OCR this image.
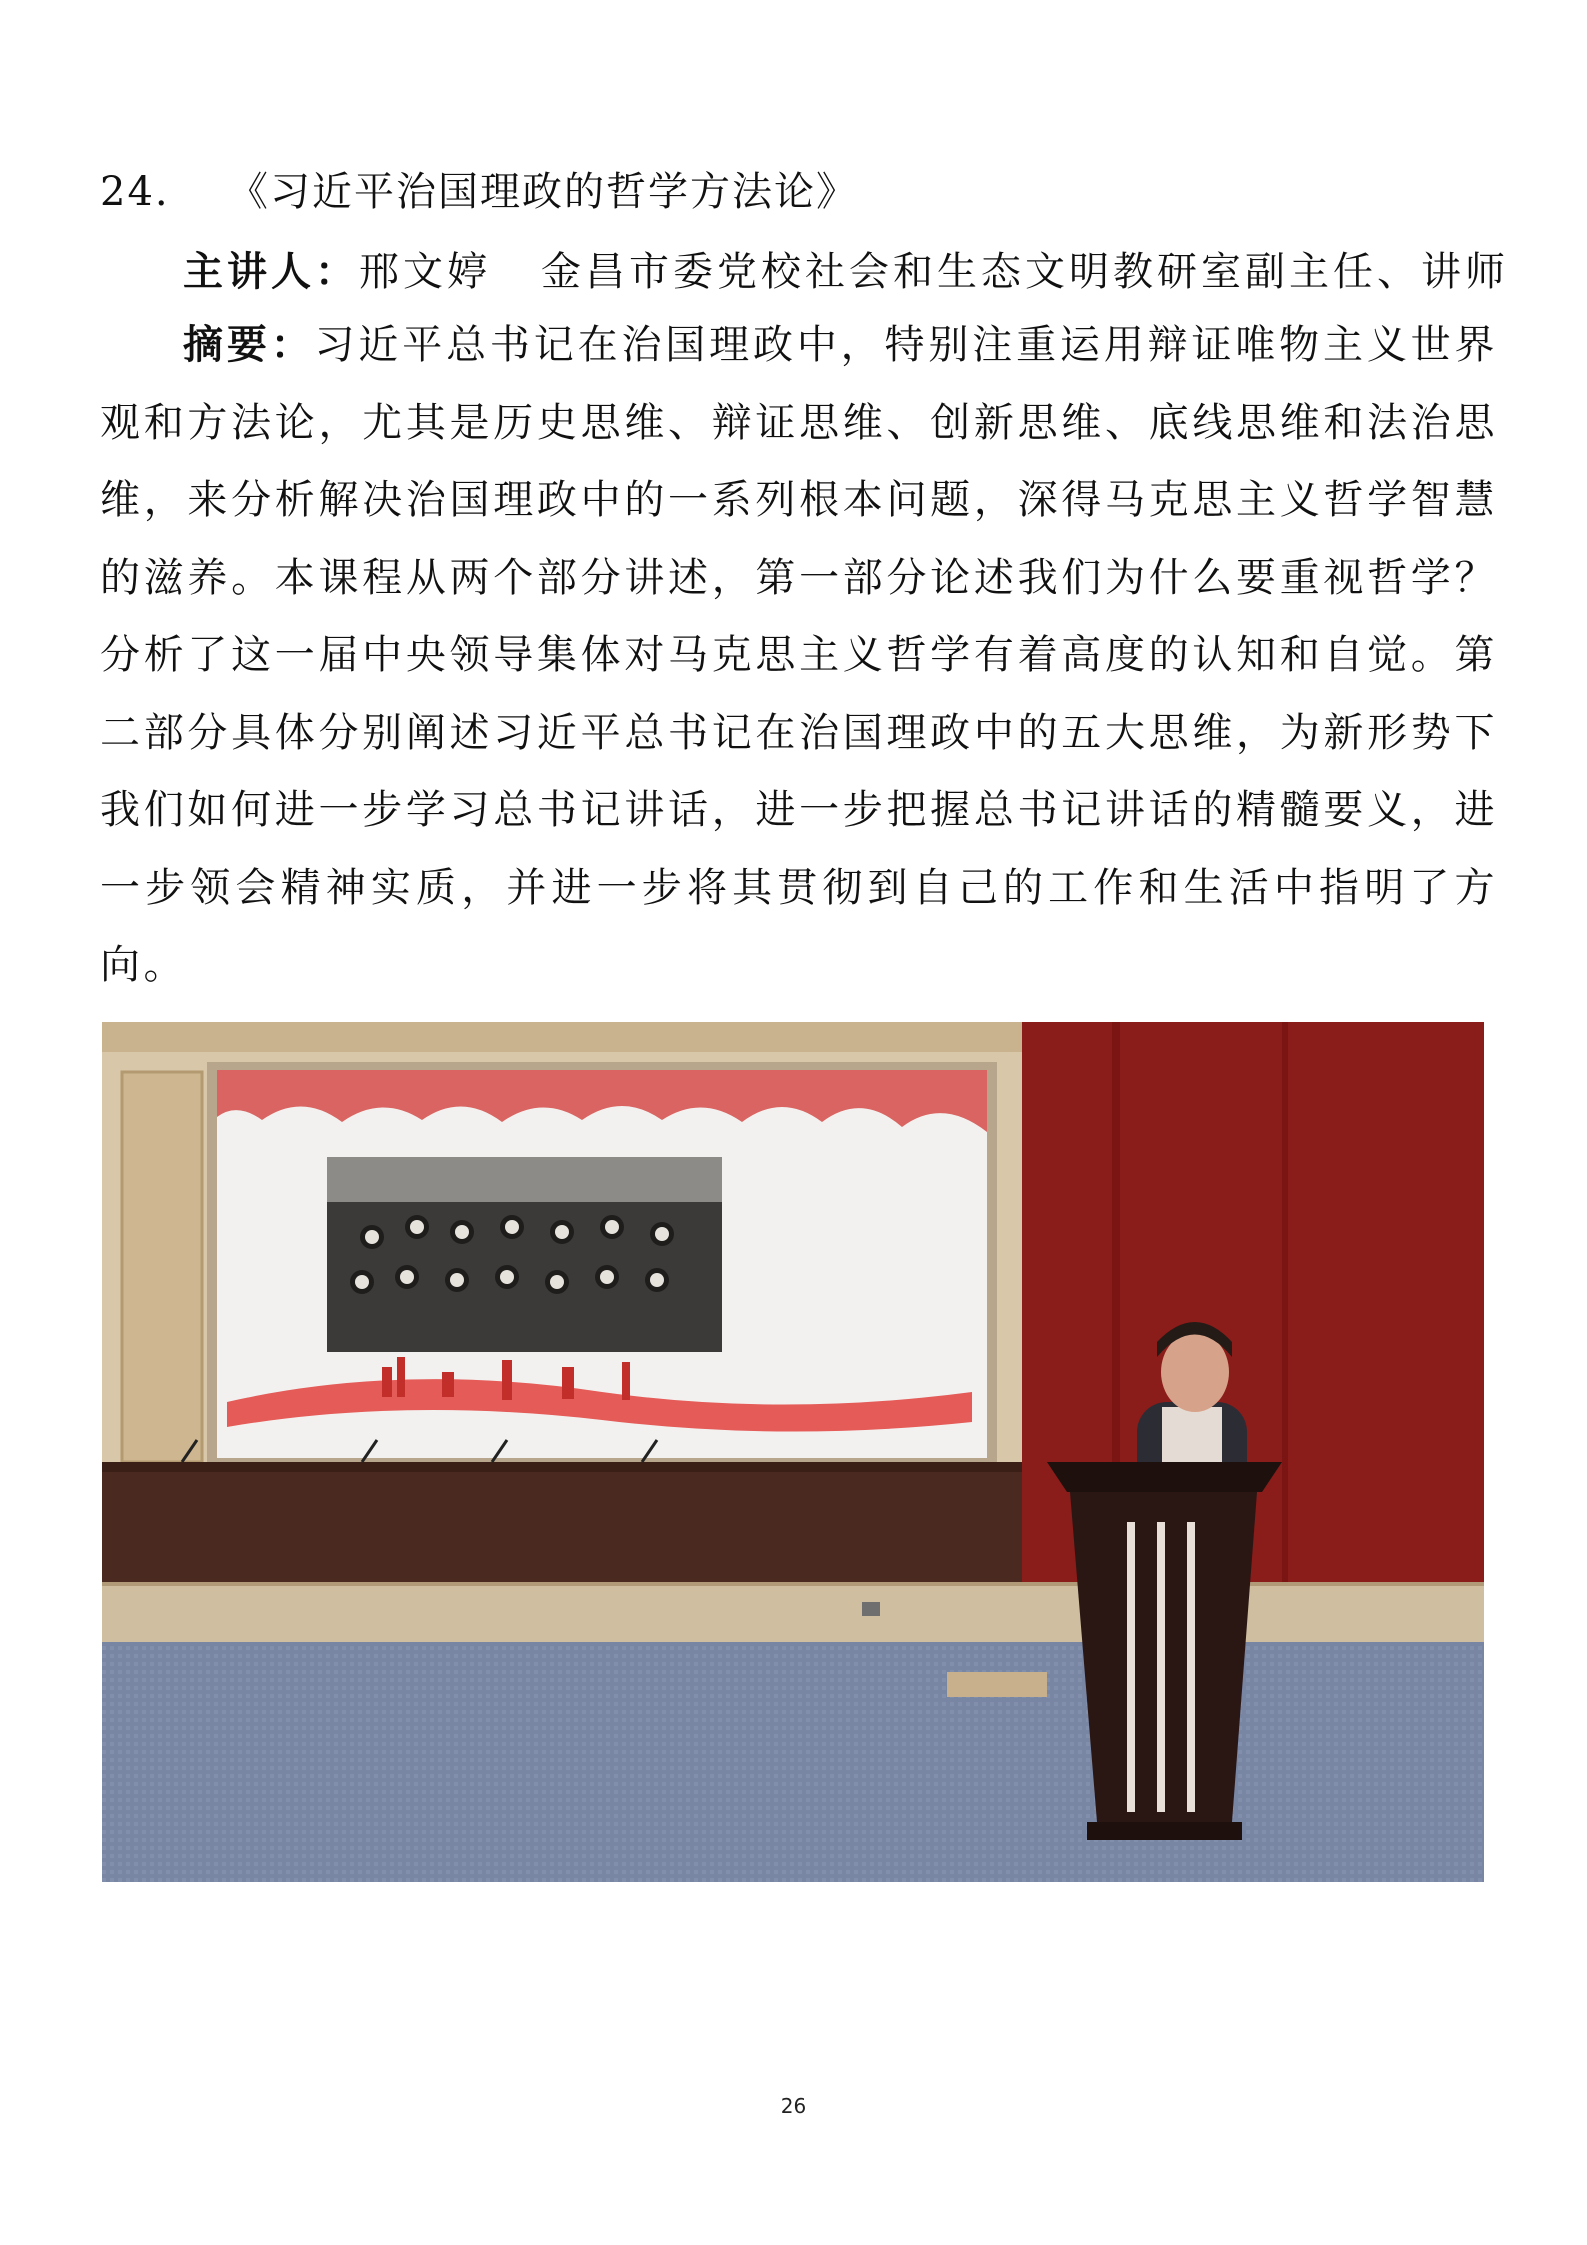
24. 《习近平治国理政的哲学方法论》
主讲人：邢文婷 金昌市委党校社会和生态文明教研室副主任、讲师
摘要：习近平总书记在治国理政中，特别注重运用辩证唯物主义世界观和方法论，尤其是历史思维、辩证思维、创新思维、底线思维和法治思维，来分析解决治国理政中的一系列根本问题，深得马克思主义哲学智慧的滋养。本课程从两个部分讲述，第一部分论述我们为什么要重视哲学？分析了这一届中央领导集体对马克思主义哲学有着高度的认知和自觉。第二部分具体分别阐述习近平总书记在治国理政中的五大思维，为新形势下我们如何进一步学习总书记讲话，进一步把握总书记讲话的精髓要义，进一步领会精神实质，并进一步将其贯彻到自己的工作和生活中指明了方向。
26
